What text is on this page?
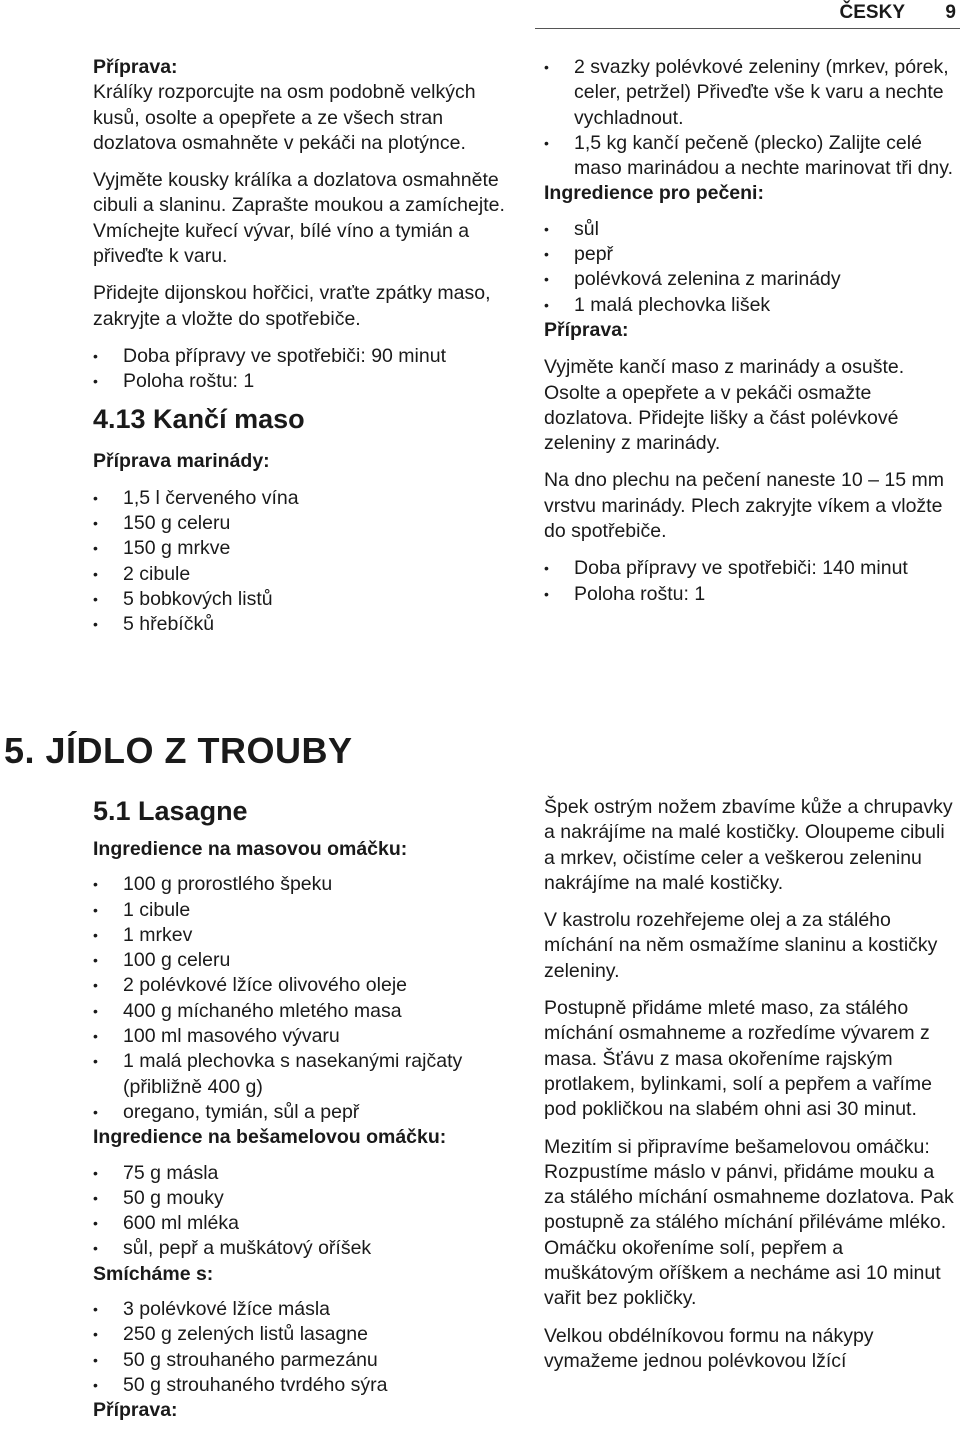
ČESKY 9

Příprava:

Králíky rozporcujte na osm podobně velkých kusů, osolte a opepřete a ze všech stran dozlatova osmahněte v pekáči na plotýnce.

Vyjměte kousky králíka a dozlatova osmahněte cibuli a slaninu. Zaprašte moukou a zamíchejte. Vmíchejte kuřecí vývar, bílé víno a tymián a přiveďte k varu.

Přidejte dijonskou hořčici, vraťte zpátky maso, zakryjte a vložte do spotřebiče.

• Doba přípravy ve spotřebiči: 90 minut
• Poloha roštu: 1
4.13 Kančí maso

Příprava marinády:

• 1,5 l červeného vína
• 150 g celeru
• 150 g mrkve
• 2 cibule
• 5 bobkových listů
• 5 hřebíčků
• 2 svazky polévkové zeleniny (mrkev, pórek, celer, petržel) Přiveďte vše k varu a nechte vychladnout.
• 1,5 kg kančí pečeně (plecko) Zalijte celé maso marinádou a nechte marinovat tři dny.

Ingredience pro pečeni:

• sůl
• pepř
• polévková zelenina z marinády
• 1 malá plechovka lišek

Příprava:

Vyjměte kančí maso z marinády a osušte. Osolte a opepřete a v pekáči osmažte dozlatova. Přidejte lišky a část polévkové zeleniny z marinády.

Na dno plechu na pečení naneste 10 – 15 mm vrstvu marinády. Plech zakryjte víkem a vložte do spotřebiče.

• Doba přípravy ve spotřebiči: 140 minut
• Poloha roštu: 1
5. JÍDLO Z TROUBY
5.1 Lasagne

Ingredience na masovou omáčku:

• 100 g prorostlého špeku
• 1 cibule
• 1 mrkev
• 100 g celeru
• 2 polévkové lžíce olivového oleje
• 400 g míchaného mletého masa
• 100 ml masového vývaru
• 1 malá plechovka s nasekanými rajčaty (přibližně 400 g)
• oregano, tymián, sůl a pepř

Ingredience na bešamelovou omáčku:

• 75 g másla
• 50 g mouky
• 600 ml mléka
• sůl, pepř a muškátový oříšek

Smícháme s:

• 3 polévkové lžíce másla
• 250 g zelených listů lasagne
• 50 g strouhaného parmezánu
• 50 g strouhaného tvrdého sýra

Příprava:

Špek ostrým nožem zbavíme kůže a chrupavky a nakrájíme na malé kostičky. Oloupeme cibuli a mrkev, očistíme celer a veškerou zeleninu nakrájíme na malé kostičky.

V kastrolu rozehřejeme olej a za stálého míchání na něm osmažíme slaninu a kostičky zeleniny.

Postupně přidáme mleté maso, za stálého míchání osmahneme a rozředíme vývarem z masa. Šťávu z masa okořeníme rajským protlakem, bylinkami, solí a pepřem a vaříme pod pokličkou na slabém ohni asi 30 minut.

Mezitím si připravíme bešamelovou omáčku: Rozpustíme máslo v pánvi, přidáme mouku a za stálého míchání osmahneme dozlatova. Pak postupně za stálého míchání přiléváme mléko. Omáčku okořeníme solí, pepřem a muškátovým oříškem a necháme asi 10 minut vařit bez pokličky.

Velkou obdélníkovou formu na nákypy vymažeme jednou polévkovou lžící
